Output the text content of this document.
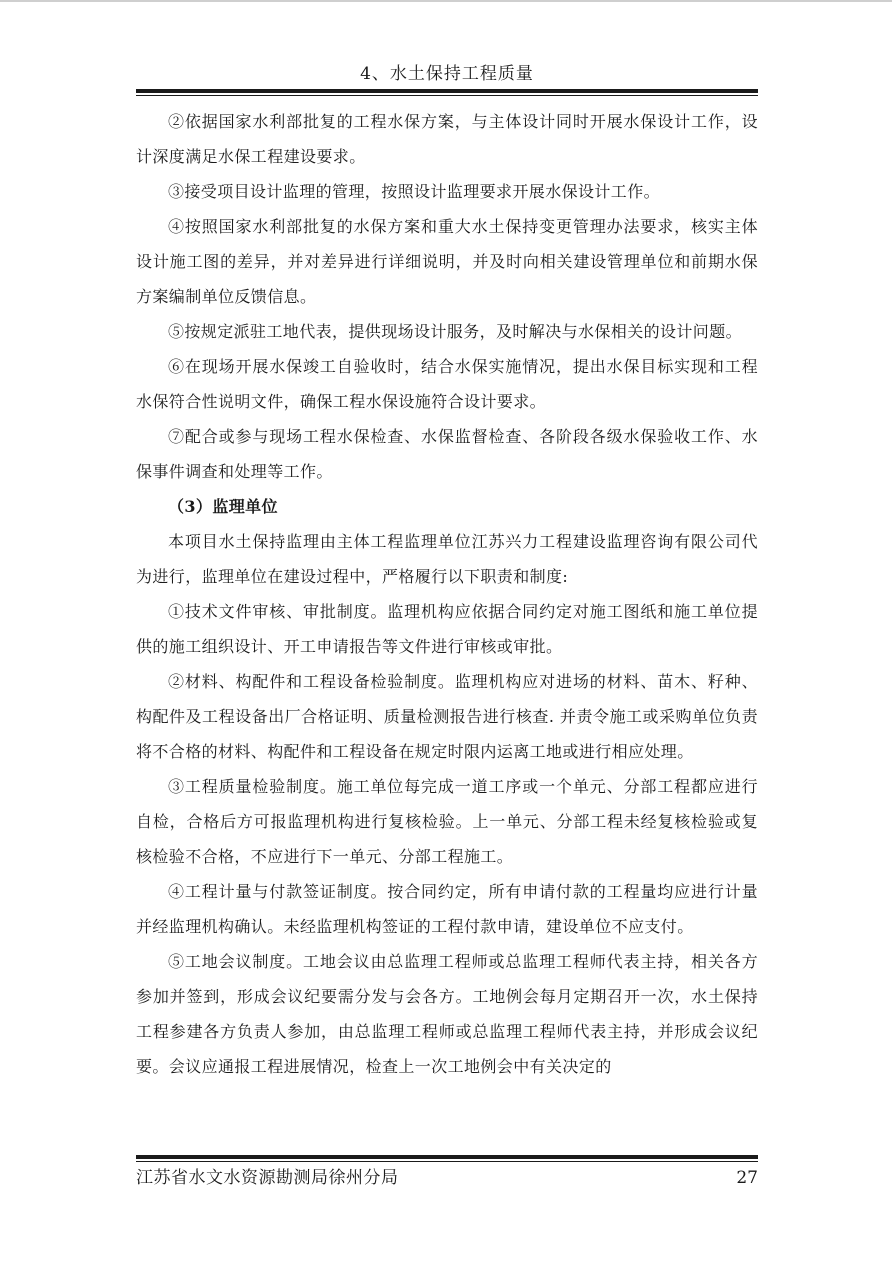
4、水土保持工程质量

②依据国家水利部批复的工程水保方案，与主体设计同时开展水保设计工作，设计深度满足水保工程建设要求。

③接受项目设计监理的管理，按照设计监理要求开展水保设计工作。

④按照国家水利部批复的水保方案和重大水土保持变更管理办法要求，核实主体设计施工图的差异，并对差异进行详细说明，并及时向相关建设管理单位和前期水保方案编制单位反馈信息。

⑤按规定派驻工地代表，提供现场设计服务，及时解决与水保相关的设计问题。

⑥在现场开展水保竣工自验收时，结合水保实施情况，提出水保目标实现和工程水保符合性说明文件，确保工程水保设施符合设计要求。

⑦配合或参与现场工程水保检查、水保监督检查、各阶段各级水保验收工作、水保事件调查和处理等工作。

（3）监理单位

本项目水土保持监理由主体工程监理单位江苏兴力工程建设监理咨询有限公司代为进行，监理单位在建设过程中，严格履行以下职责和制度:

①技术文件审核、审批制度。监理机构应依据合同约定对施工图纸和施工单位提供的施工组织设计、开工申请报告等文件进行审核或审批。

②材料、构配件和工程设备检验制度。监理机构应对进场的材料、苗木、籽种、构配件及工程设备出厂合格证明、质量检测报告进行核查. 并责令施工或采购单位负责将不合格的材料、构配件和工程设备在规定时限内运离工地或进行相应处理。

③工程质量检验制度。施工单位每完成一道工序或一个单元、分部工程都应进行自检，合格后方可报监理机构进行复核检验。上一单元、分部工程未经复核检验或复核检验不合格，不应进行下一单元、分部工程施工。

④工程计量与付款签证制度。按合同约定，所有申请付款的工程量均应进行计量并经监理机构确认。未经监理机构签证的工程付款申请，建设单位不应支付。

⑤工地会议制度。工地会议由总监理工程师或总监理工程师代表主持，相关各方参加并签到，形成会议纪要需分发与会各方。工地例会每月定期召开一次，水土保持工程参建各方负责人参加，由总监理工程师或总监理工程师代表主持，并形成会议纪要。会议应通报工程进展情况，检查上一次工地例会中有关决定的

江苏省水文水资源勘测局徐州分局	27
